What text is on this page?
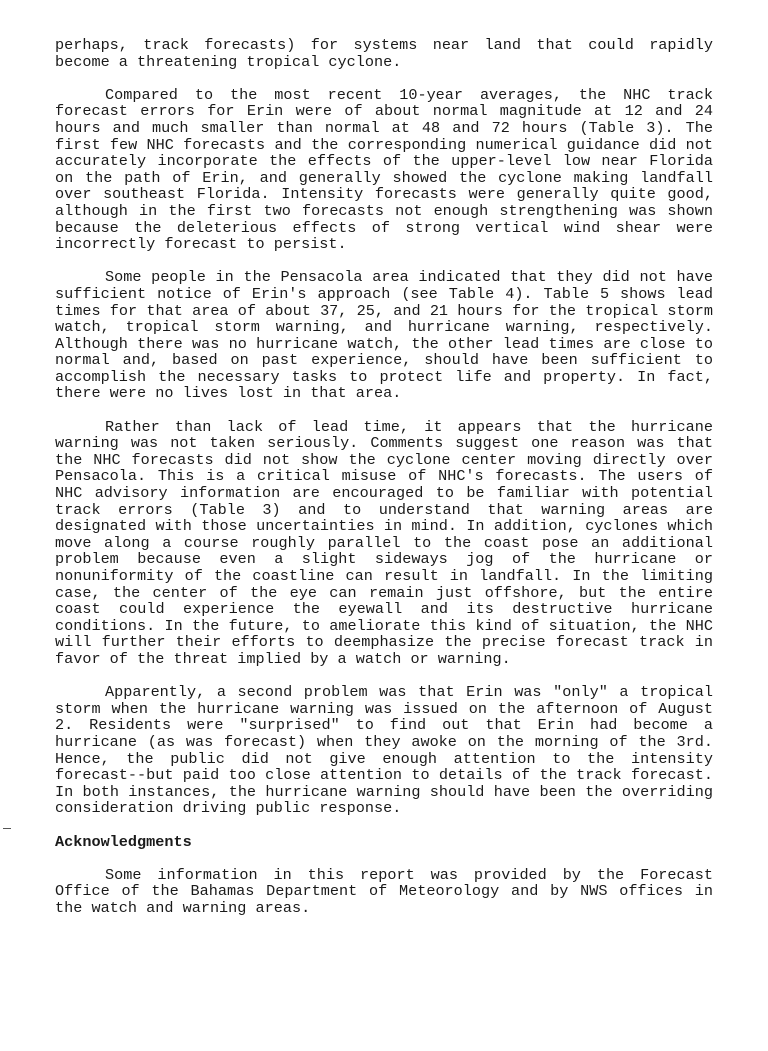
perhaps, track forecasts) for systems near land that could rapidly become a threatening tropical cyclone.

Compared to the most recent 10-year averages, the NHC track forecast errors for Erin were of about normal magnitude at 12 and 24 hours and much smaller than normal at 48 and 72 hours (Table 3). The first few NHC forecasts and the corresponding numerical guidance did not accurately incorporate the effects of the upper-level low near Florida on the path of Erin, and generally showed the cyclone making landfall over southeast Florida. Intensity forecasts were generally quite good, although in the first two forecasts not enough strengthening was shown because the deleterious effects of strong vertical wind shear were incorrectly forecast to persist.

Some people in the Pensacola area indicated that they did not have sufficient notice of Erin's approach (see Table 4). Table 5 shows lead times for that area of about 37, 25, and 21 hours for the tropical storm watch, tropical storm warning, and hurricane warning, respectively. Although there was no hurricane watch, the other lead times are close to normal and, based on past experience, should have been sufficient to accomplish the necessary tasks to protect life and property. In fact, there were no lives lost in that area.

Rather than lack of lead time, it appears that the hurricane warning was not taken seriously. Comments suggest one reason was that the NHC forecasts did not show the cyclone center moving directly over Pensacola. This is a critical misuse of NHC's forecasts. The users of NHC advisory information are encouraged to be familiar with potential track errors (Table 3) and to understand that warning areas are designated with those uncertainties in mind. In addition, cyclones which move along a course roughly parallel to the coast pose an additional problem because even a slight sideways jog of the hurricane or nonuniformity of the coastline can result in landfall. In the limiting case, the center of the eye can remain just offshore, but the entire coast could experience the eyewall and its destructive hurricane conditions. In the future, to ameliorate this kind of situation, the NHC will further their efforts to deemphasize the precise forecast track in favor of the threat implied by a watch or warning.

Apparently, a second problem was that Erin was "only" a tropical storm when the hurricane warning was issued on the afternoon of August 2. Residents were "surprised" to find out that Erin had become a hurricane (as was forecast) when they awoke on the morning of the 3rd. Hence, the public did not give enough attention to the intensity forecast--but paid too close attention to details of the track forecast. In both instances, the hurricane warning should have been the overriding consideration driving public response.

Acknowledgments

Some information in this report was provided by the Forecast Office of the Bahamas Department of Meteorology and by NWS offices in the watch and warning areas.
